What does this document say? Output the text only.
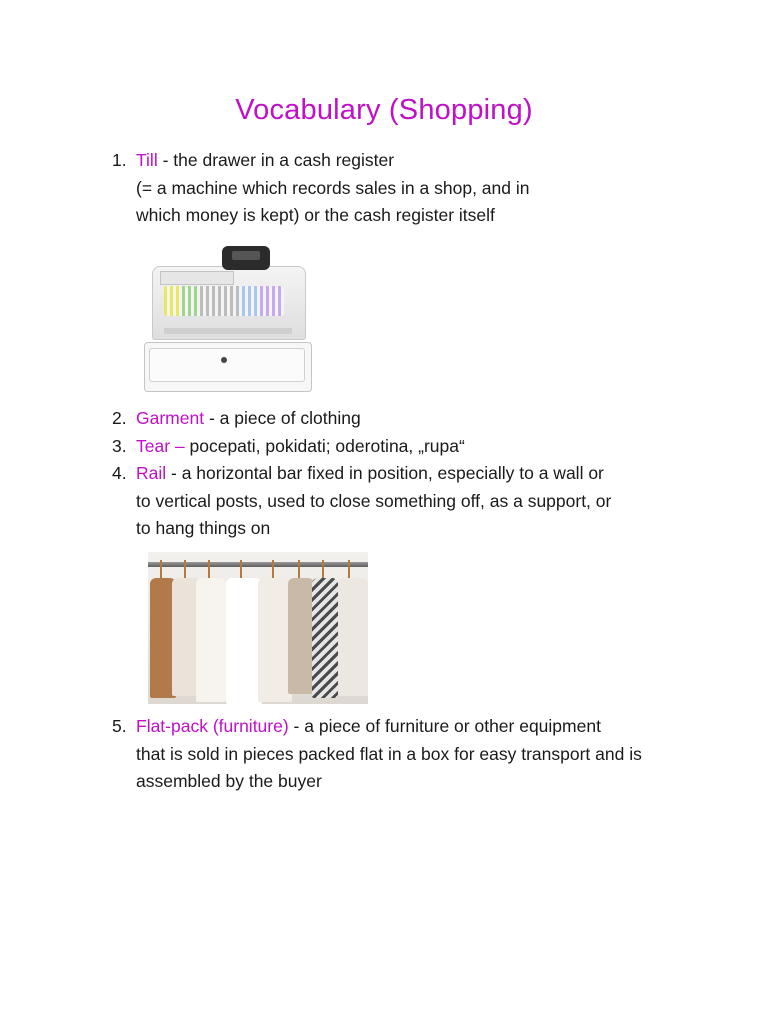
Vocabulary (Shopping)
1. Till - the drawer in a cash register
(= a machine which records sales in a shop, and in
which money is kept) or the cash register itself
2. Garment - a piece of clothing
3. Tear – pocepati, pokidati; oderotina, „rupa“
4. Rail - a horizontal bar fixed in position, especially to a wall or
to vertical posts, used to close something off, as a support, or
to hang things on
5. Flat-pack (furniture) - a piece of furniture or other equipment
that is sold in pieces packed flat in a box for easy transport and is
assembled by the buyer
